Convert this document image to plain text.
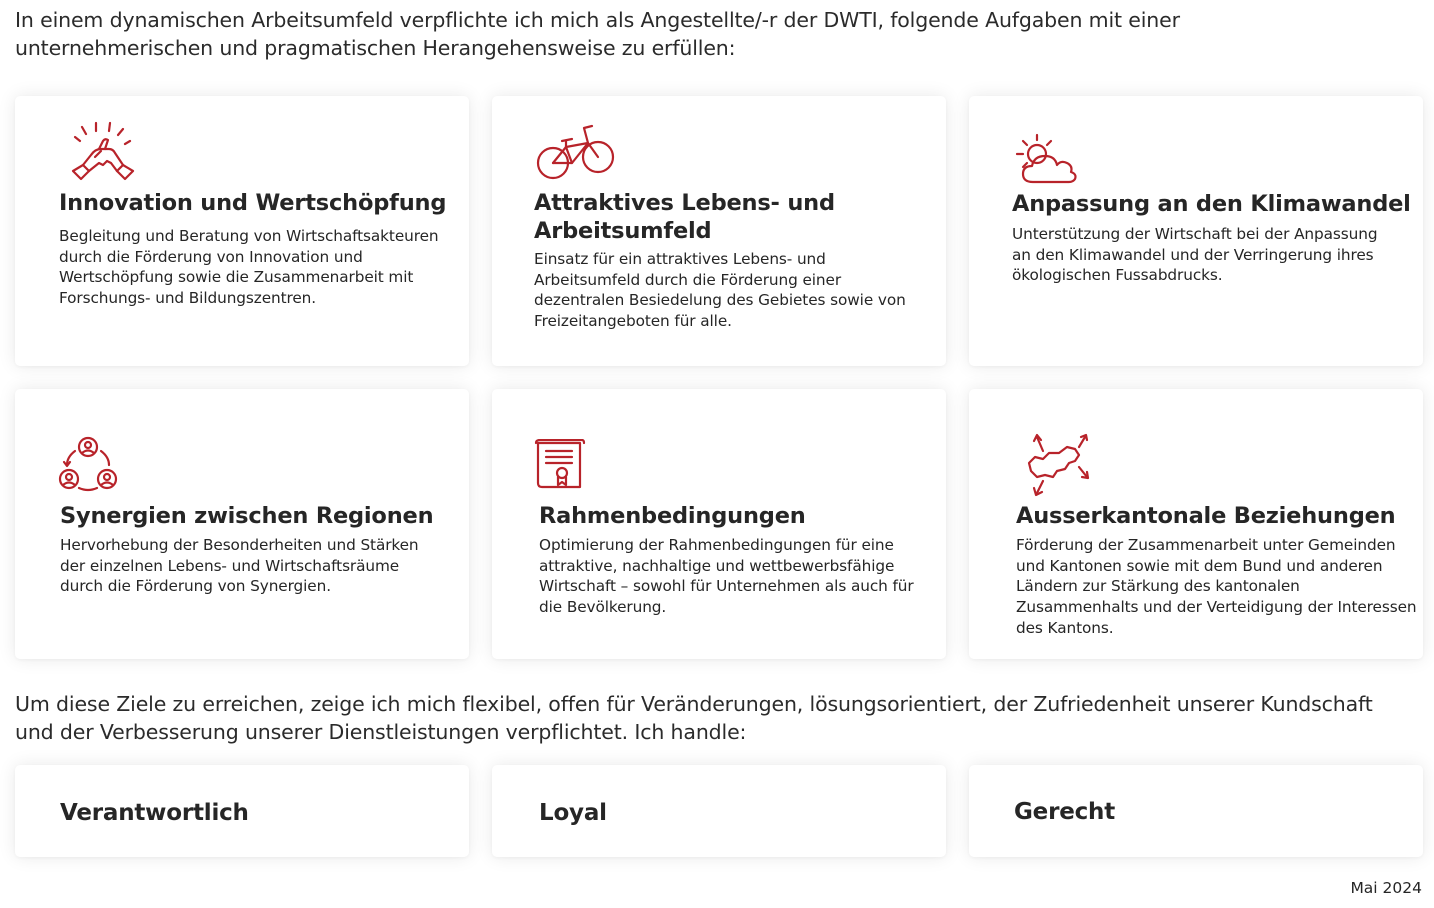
In einem dynamischen Arbeitsumfeld verpflichte ich mich als Angestellte/-r der DWTI, folgende Aufgaben mit einer unternehmerischen und pragmatischen Herangehensweise zu erfüllen:

Innovation und Wertschöpfung

Begleitung und Beratung von Wirtschaftsakteuren durch die Förderung von Innovation und Wertschöpfung sowie die Zusammenarbeit mit Forschungs- und Bildungszentren.

Attraktives Lebens- und Arbeitsumfeld

Einsatz für ein attraktives Lebens- und Arbeitsumfeld durch die Förderung einer dezentralen Besiedelung des Gebietes sowie von Freizeitangeboten für alle.

Anpassung an den Klimawandel

Unterstützung der Wirtschaft bei der Anpassung an den Klimawandel und der Verringerung ihres ökologischen Fussabdrucks.

Synergien zwischen Regionen

Hervorhebung der Besonderheiten und Stärken der einzelnen Lebens- und Wirtschaftsräume durch die Förderung von Synergien.

Rahmenbedingungen

Optimierung der Rahmenbedingungen für eine attraktive, nachhaltige und wettbewerbsfähige Wirtschaft – sowohl für Unternehmen als auch für die Bevölkerung.

Ausserkantonale Beziehungen

Förderung der Zusammenarbeit unter Gemeinden und Kantonen sowie mit dem Bund und anderen Ländern zur Stärkung des kantonalen Zusammenhalts und der Verteidigung der Interessen des Kantons.

Um diese Ziele zu erreichen, zeige ich mich flexibel, offen für Veränderungen, lösungsorientiert, der Zufriedenheit unserer Kundschaft und der Verbesserung unserer Dienstleistungen verpflichtet. Ich handle:

Verantwortlich	Loyal	Gerecht
Mai 2024
